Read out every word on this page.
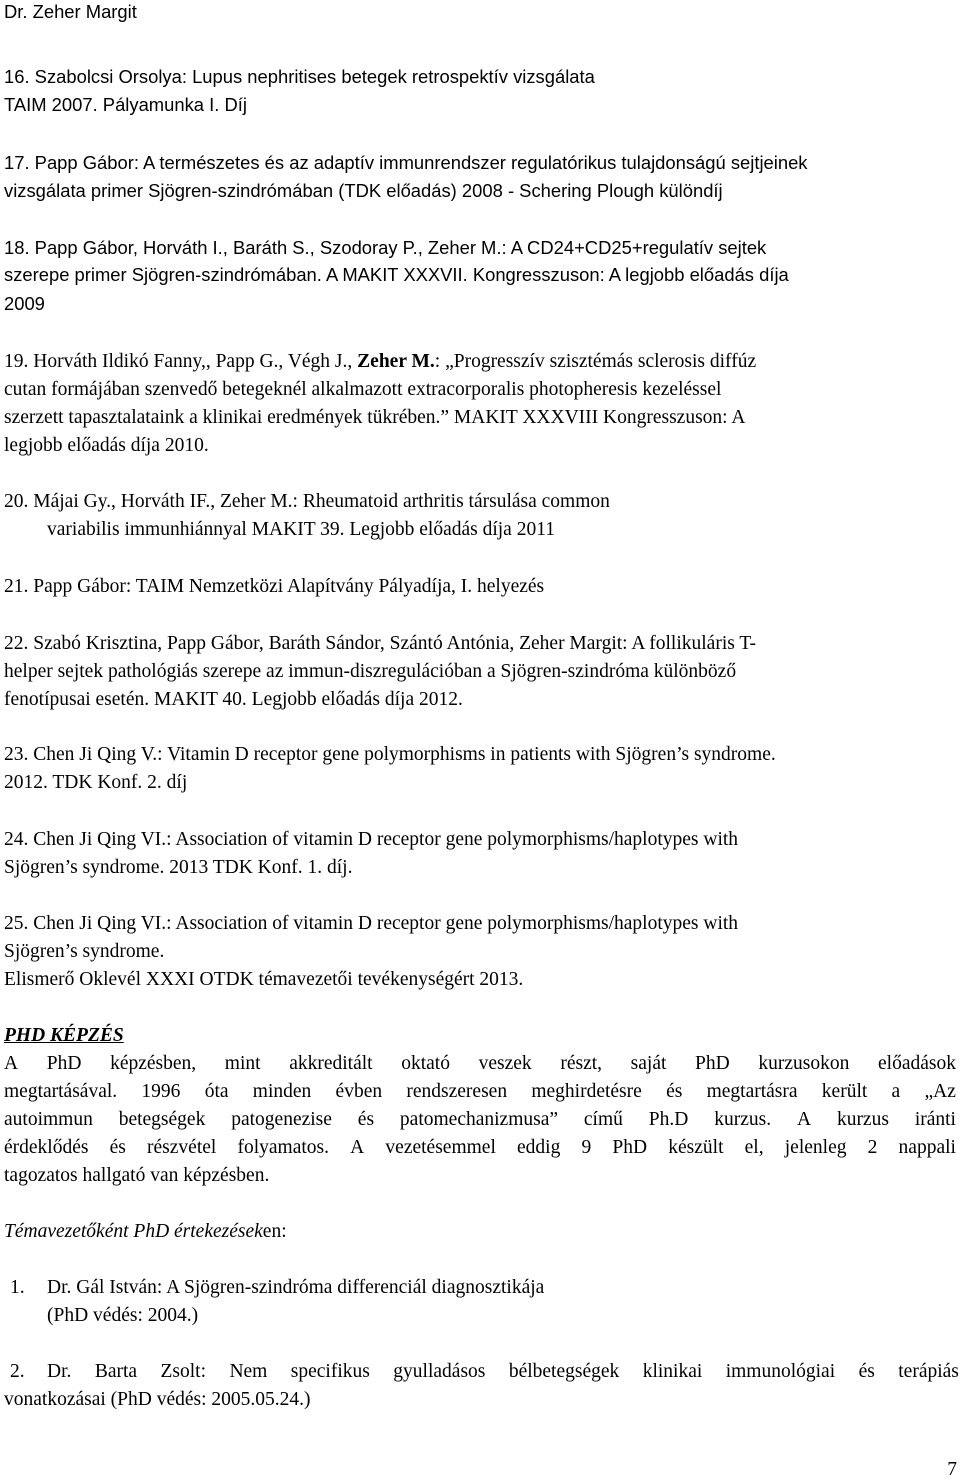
Dr. Zeher Margit
16. Szabolcsi Orsolya: Lupus nephritises betegek retrospektív vizsgálata
TAIM 2007. Pályamunka I. Díj
17. Papp Gábor: A természetes és az adaptív immunrendszer regulatórikus tulajdonságú sejtjeinek
vizsgálata primer Sjögren-szindrómában (TDK előadás) 2008 - Schering Plough különdíj
18. Papp Gábor, Horváth I., Baráth S., Szodoray P., Zeher M.: A CD24+CD25+regulatív sejtek
szerepe primer Sjögren-szindrómában. A MAKIT XXXVII. Kongresszuson: A legjobb előadás díja
2009
19. Horváth Ildikó Fanny,, Papp G., Végh J., Zeher M.: „Progresszív szisztémás sclerosis diffúz
cutan formájában szenvedő betegeknél alkalmazott extracorporalis photopheresis kezeléssel
szerzett tapasztalataink a klinikai eredmények tükrében.” MAKIT XXXVIII Kongresszuson: A
legjobb előadás díja 2010.
20. Májai Gy., Horváth IF., Zeher M.: Rheumatoid arthritis társulása common
variabilis immunhiánnyal MAKIT 39. Legjobb előadás díja 2011
21. Papp Gábor: TAIM Nemzetközi Alapítvány Pályadíja, I. helyezés
22. Szabó Krisztina, Papp Gábor, Baráth Sándor, Szántó Antónia, Zeher Margit: A follikuláris T-
helper sejtek pathológiás szerepe az immun-diszregulációban a Sjögren-szindróma különböző
fenotípusai esetén. MAKIT 40. Legjobb előadás díja 2012.
23. Chen Ji Qing V.: Vitamin D receptor gene polymorphisms in patients with Sjögren’s syndrome.
2012. TDK Konf. 2. díj
24. Chen Ji Qing VI.: Association of vitamin D receptor gene polymorphisms/haplotypes with
Sjögren’s syndrome. 2013 TDK Konf. 1. díj.
25. Chen Ji Qing VI.: Association of vitamin D receptor gene polymorphisms/haplotypes with
Sjögren’s syndrome.
Elismerő Oklevél XXXI OTDK témavezetői tevékenységért 2013.
PHD KÉPZÉS
A PhD képzésben, mint akkreditált oktató veszek részt, saját PhD kurzusokon előadások
megtartásával. 1996 óta minden évben rendszeresen meghirdetésre és megtartásra került a „Az
autoimmun betegségek patogenezise és patomechanizmusa” című Ph.D kurzus. A kurzus iránti
érdeklődés és részvétel folyamatos. A vezetésemmel eddig 9 PhD készült el, jelenleg 2 nappali
tagozatos hallgató van képzésben.
Témavezetőként PhD értekezéseken:
1. Dr. Gál István: A Sjögren-szindróma differenciál diagnosztikája
(PhD védés: 2004.)
2. Dr. Barta Zsolt: Nem specifikus gyulladásos bélbetegségek klinikai immunológiai és terápiás
vonatkozásai (PhD védés: 2005.05.24.)
7
